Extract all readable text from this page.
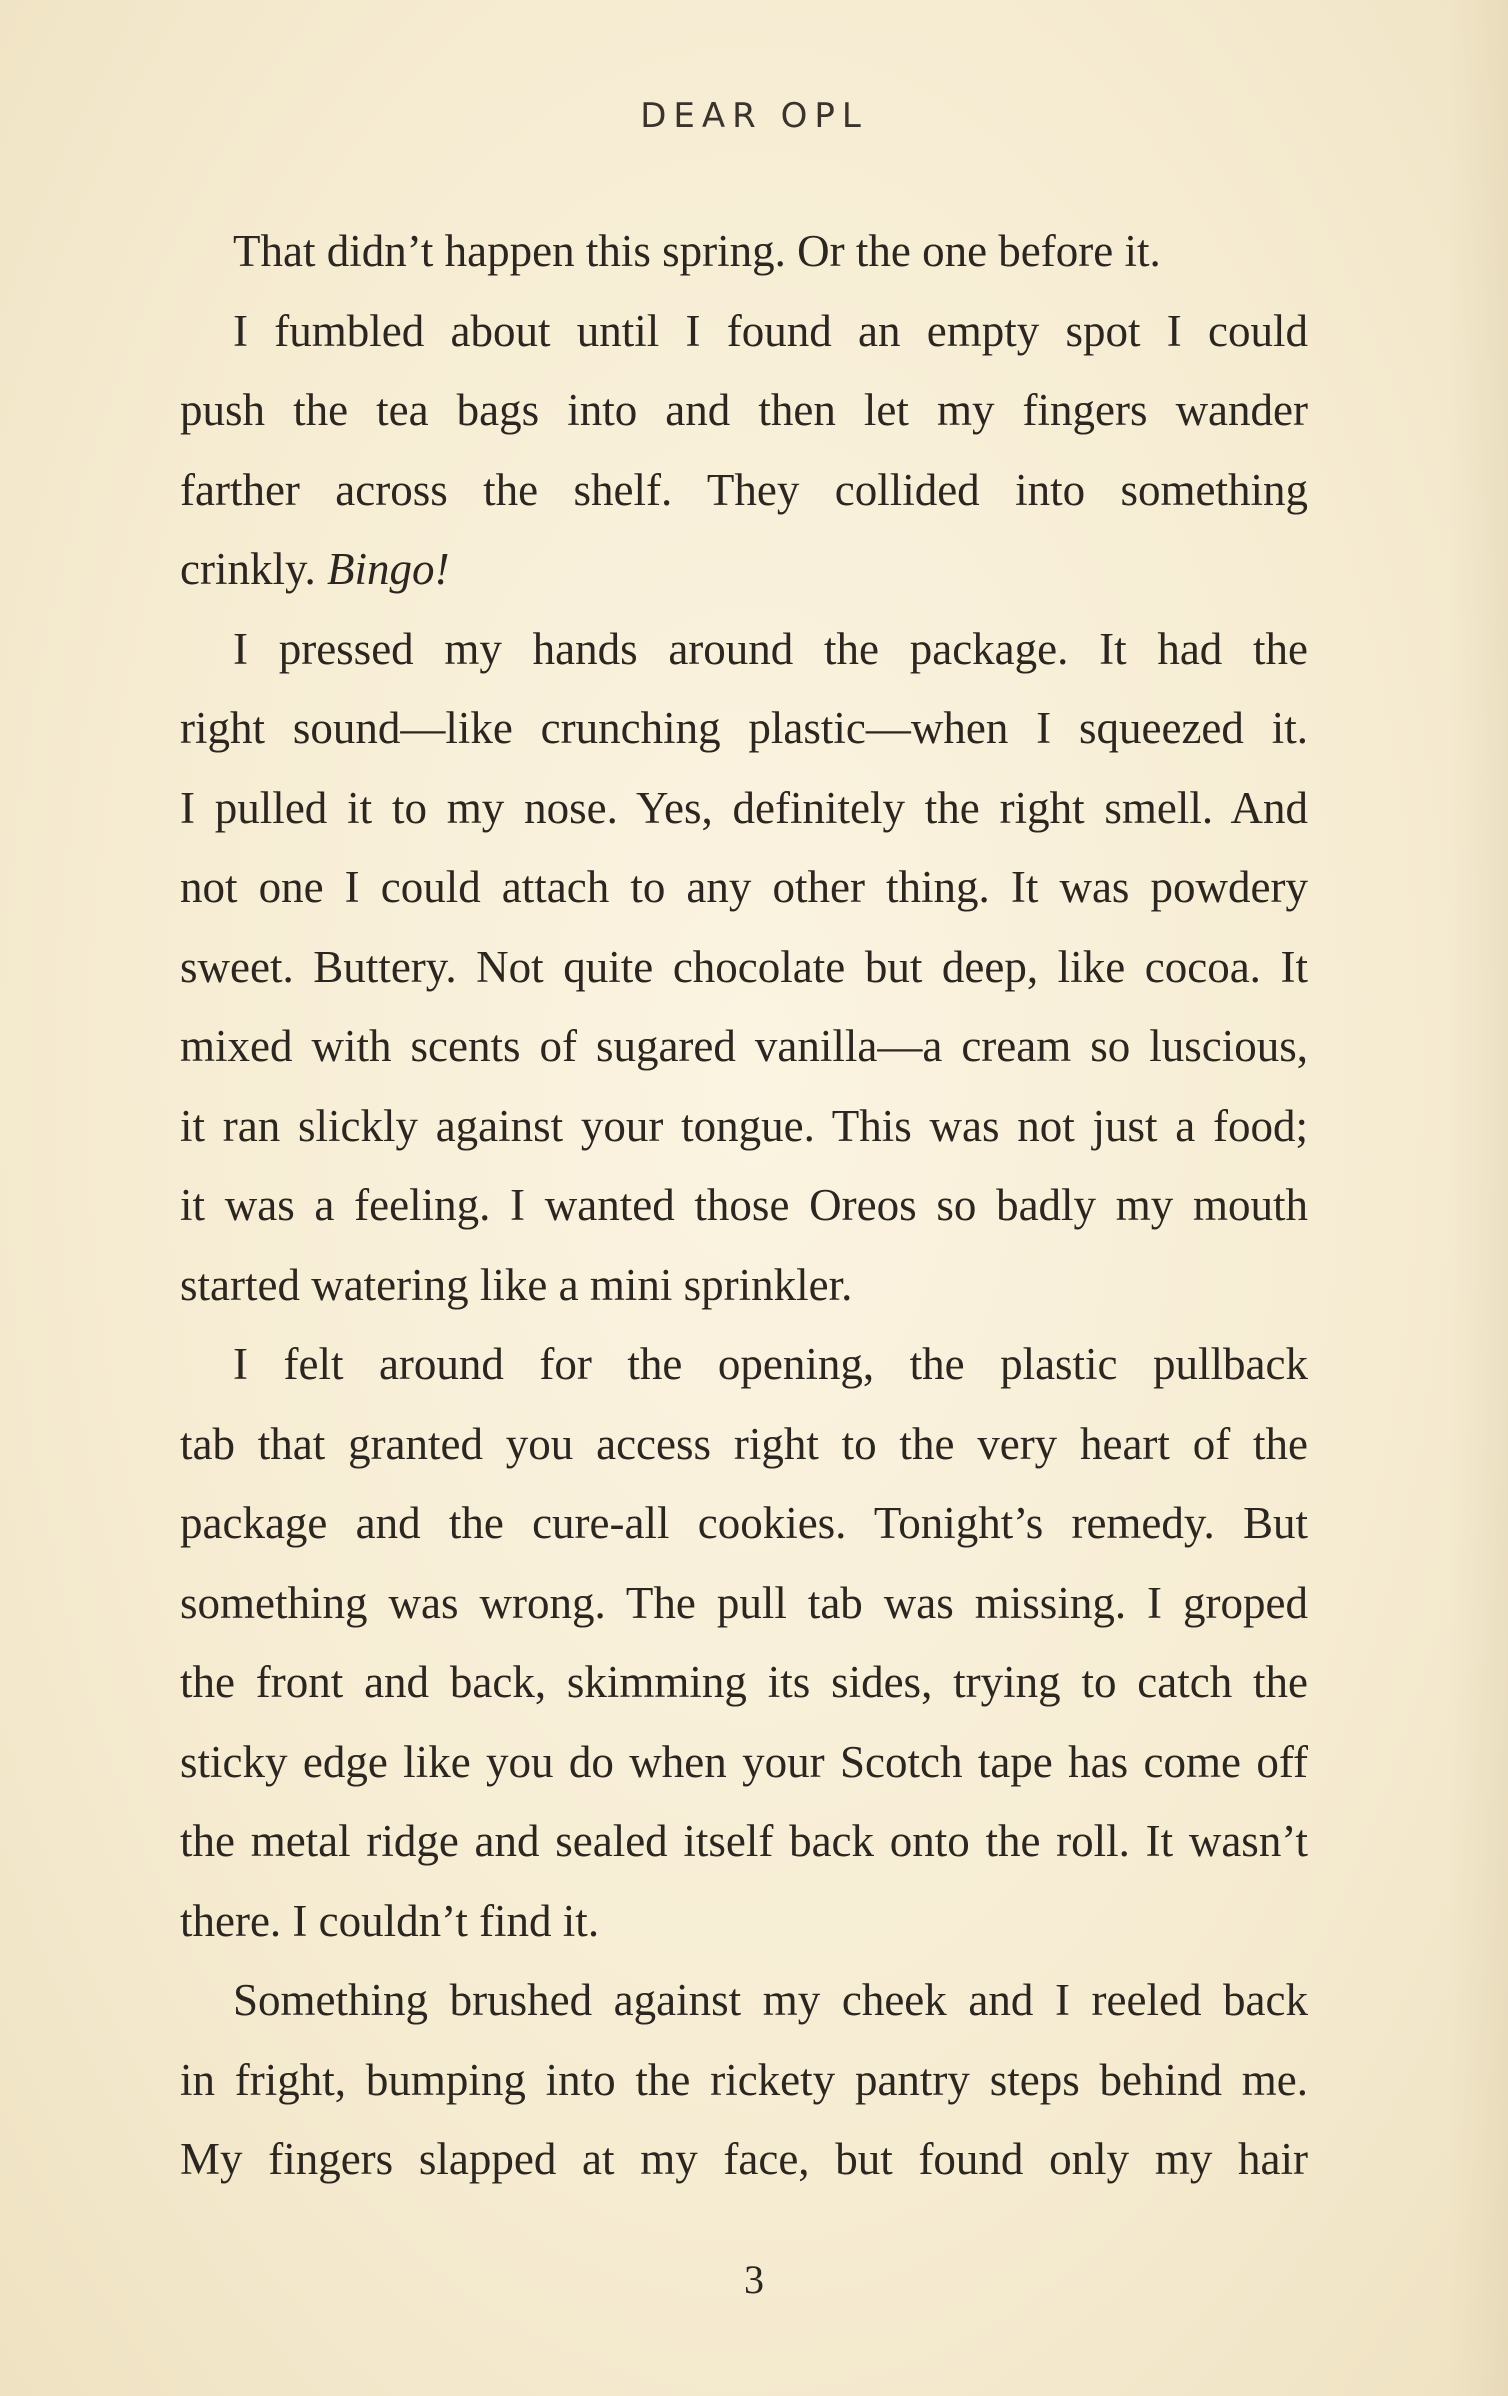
DEAR OPL
That didn’t happen this spring. Or the one before it.
I fumbled about until I found an empty spot I could
push the tea bags into and then let my fingers wander
farther across the shelf. They collided into something
crinkly. Bingo!
I pressed my hands around the package. It had the
right sound—like crunching plastic—when I squeezed it.
I pulled it to my nose. Yes, definitely the right smell. And
not one I could attach to any other thing. It was powdery
sweet. Buttery. Not quite chocolate but deep, like cocoa. It
mixed with scents of sugared vanilla—a cream so luscious,
it ran slickly against your tongue. This was not just a food;
it was a feeling. I wanted those Oreos so badly my mouth
started watering like a mini sprinkler.
I felt around for the opening, the plastic pullback
tab that granted you access right to the very heart of the
package and the cure-all cookies. Tonight’s remedy. But
something was wrong. The pull tab was missing. I groped
the front and back, skimming its sides, trying to catch the
sticky edge like you do when your Scotch tape has come off
the metal ridge and sealed itself back onto the roll. It wasn’t
there. I couldn’t find it.
Something brushed against my cheek and I reeled back
in fright, bumping into the rickety pantry steps behind me.
My fingers slapped at my face, but found only my hair
3
